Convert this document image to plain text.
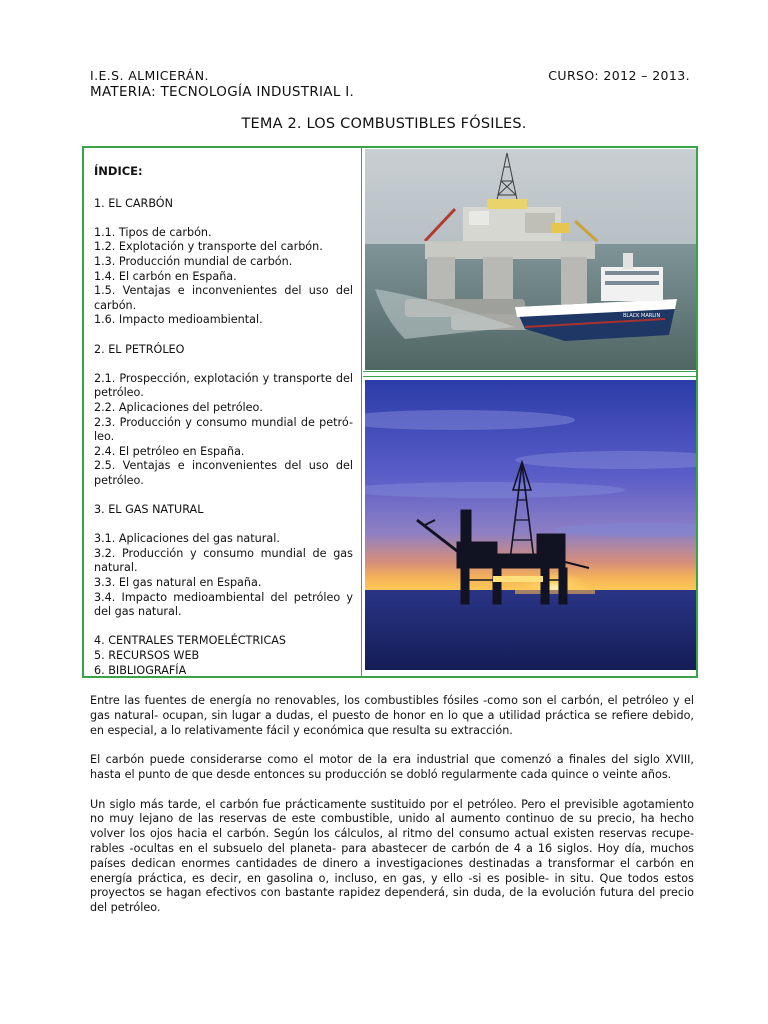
I.E.S. ALMICERÁN.
MATERIA: TECNOLOGÍA INDUSTRIAL I.
CURSO: 2012 – 2013.
TEMA 2. LOS COMBUSTIBLES FÓSILES.
ÍNDICE:
1. EL CARBÓN
1.1. Tipos de carbón.
1.2. Explotación y transporte del carbón.
1.3. Producción mundial de carbón.
1.4. El carbón en España.
1.5. Ventajas e inconvenientes del uso del carbón.
1.6. Impacto medioambiental.
2. EL PETRÓLEO
2.1. Prospección, explotación y transporte del petróleo.
2.2. Aplicaciones del petróleo.
2.3. Producción y consumo mundial de petró-leo.
2.4. El petróleo en España.
2.5. Ventajas e inconvenientes del uso del petróleo.
3. EL GAS NATURAL
3.1. Aplicaciones del gas natural.
3.2. Producción y consumo mundial de gas natural.
3.3. El gas natural en España.
3.4. Impacto medioambiental del petróleo y del gas natural.
4. CENTRALES TERMOELÉCTRICAS
5. RECURSOS WEB
6. BIBLIOGRAFÍA
BLACK MARLIN

Entre las fuentes de energía no renovables, los combustibles fósiles -como son el carbón, el petróleo y el gas natural- ocupan, sin lugar a dudas, el puesto de honor en lo que a utilidad práctica se refiere debido, en especial, a lo relativamente fácil y económica que resulta su extracción.

El carbón puede considerarse como el motor de la era industrial que comenzó a finales del siglo XVIII, hasta el punto de que desde entonces su producción se dobló regularmente cada quince o veinte años.

Un siglo más tarde, el carbón fue prácticamente sustituido por el petróleo. Pero el previsible agotamiento no muy lejano de las reservas de este combustible, unido al aumento continuo de su precio, ha hecho volver los ojos hacia el carbón. Según los cálculos, al ritmo del consumo actual existen reservas recupe-rables -ocultas en el subsuelo del planeta- para abastecer de carbón de 4 a 16 siglos. Hoy día, muchos países dedican enormes cantidades de dinero a investigaciones destinadas a transformar el carbón en energía práctica, es decir, en gasolina o, incluso, en gas, y ello -si es posible- in situ. Que todos estos proyectos se hagan efectivos con bastante rapidez dependerá, sin duda, de la evolución futura del precio del petróleo.
